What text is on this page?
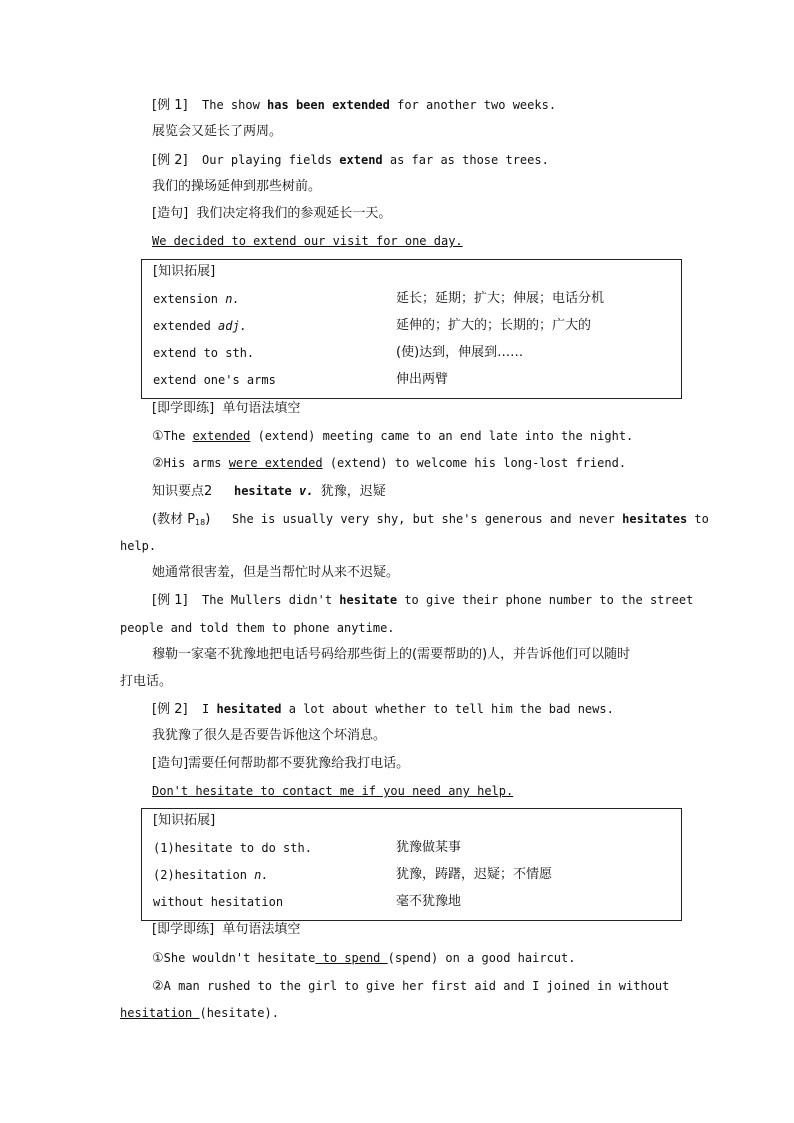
[例 1] The show has been extended for another two weeks.
展览会又延长了两周。
[例 2] Our playing fields extend as far as those trees.
我们的操场延伸到那些树前。
[造句] 我们决定将我们的参观延长一天。
We decided to extend our visit for one day.
[知识拓展]
extension n.	延长；延期；扩大；伸展；电话分机
extended adj.	延伸的；扩大的；长期的；广大的
extend to sth.	(使)达到，伸展到……
extend one's arms	伸出两臂
[即学即练] 单句语法填空
①The extended (extend) meeting came to an end late into the night.
②His arms were extended (extend) to welcome his long-lost friend.
知识要点2 hesitate v. 犹豫，迟疑
(教材 $P_{18}$) She is usually very shy, but she's generous and never hesitates to
help.
她通常很害羞，但是当帮忙时从来不迟疑。
[例 1] The Mullers didn't hesitate to give their phone number to the street
people and told them to phone anytime.
穆勒一家毫不犹豫地把电话号码给那些街上的(需要帮助的)人，并告诉他们可以随时
打电话。
[例 2] I hesitated a lot about whether to tell him the bad news.
我犹豫了很久是否要告诉他这个坏消息。
[造句]需要任何帮助都不要犹豫给我打电话。
Don't hesitate to contact me if you need any help.
[知识拓展]
(1)hesitate to do sth.	犹豫做某事
(2)hesitation n.	犹豫，踌躇，迟疑；不情愿
without hesitation	毫不犹豫地
[即学即练] 单句语法填空
①She wouldn't hesitate to spend (spend) on a good haircut.
②A man rushed to the girl to give her first aid and I joined in without
hesitation (hesitate).
